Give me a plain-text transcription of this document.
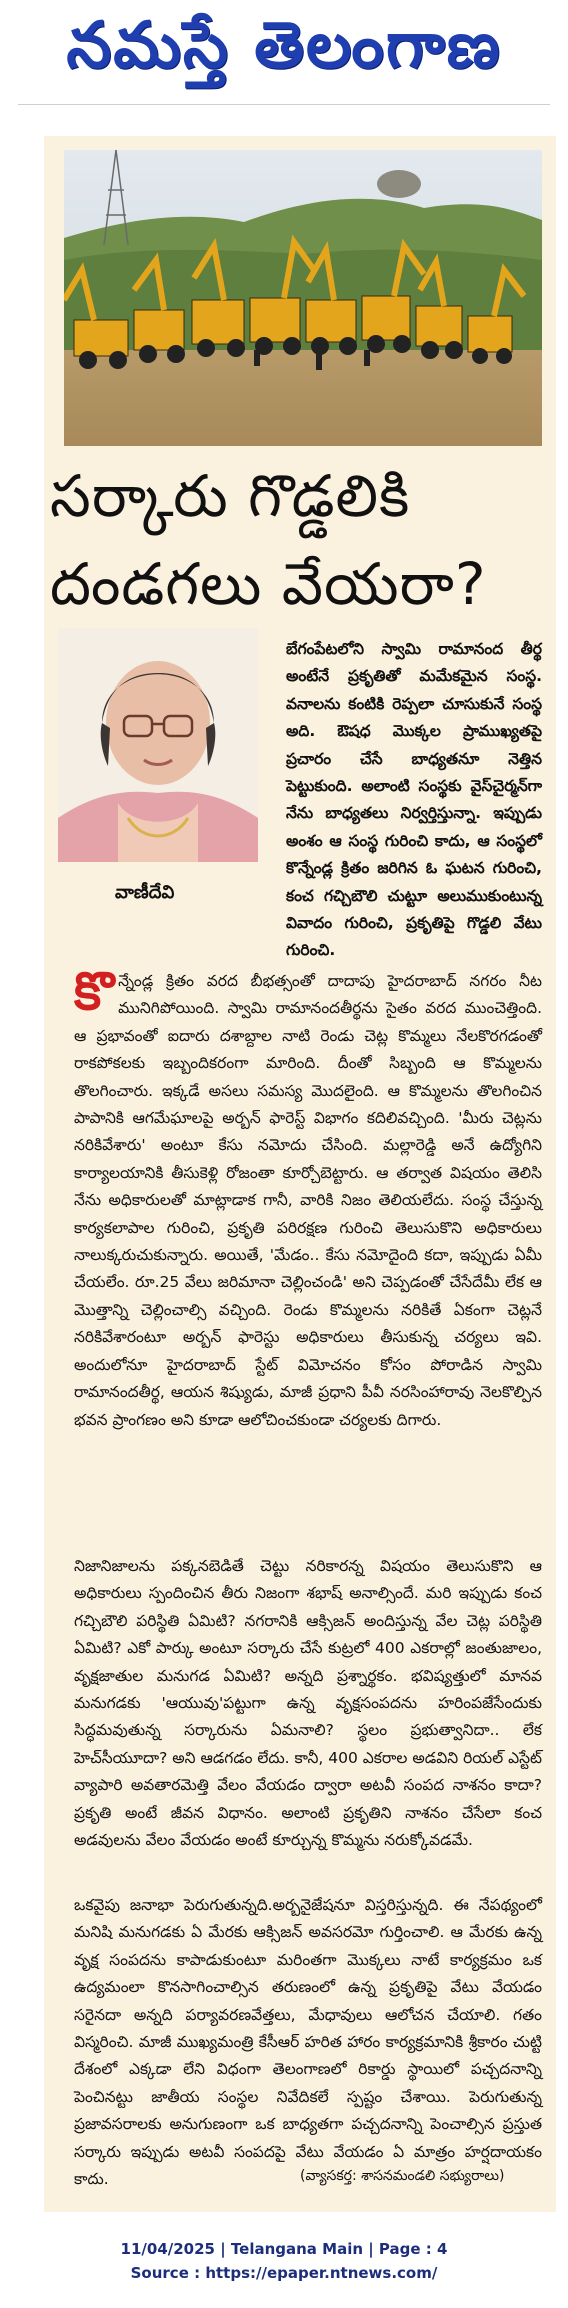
నమస్తే తెలంగాణ
సర్కారు గొడ్డలికి
దండగలు వేయరా?
వాణీదేవి

బేగంపేటలోని స్వామి రామానంద తీర్థ అంటేనే ప్రకృతితో మమేకమైన సంస్థ. వనాలను కంటికి రెప్పలా చూసుకునే సంస్థ అది. ఔషధ మొక్కల ప్రాముఖ్యతపై ప్రచారం చేసే బాధ్యతనూ నెత్తిన పెట్టుకుంది. అలాంటి సంస్థకు వైస్‌చైర్మన్‌గా నేను బాధ్యతలు నిర్వర్తిస్తున్నా. ఇప్పుడు అంశం ఆ సంస్థ గురించి కాదు, ఆ సంస్థలో కొన్నేండ్ల క్రితం జరిగిన ఓ ఘటన గురించి, కంచ గచ్చిబౌలి చుట్టూ అలుముకుంటున్న వివాదం గురించి, ప్రకృతిపై గొడ్డలి వేటు గురించి.

కొన్నేండ్ల క్రితం వరద బీభత్సంతో దాదాపు హైదరాబాద్ నగరం నీట మునిగిపోయింది. స్వామి రామానందతీర్థను సైతం వరద ముంచెత్తింది. ఆ ప్రభావంతో ఐదారు దశాబ్దాల నాటి రెండు చెట్ల కొమ్మలు నేలకొరగడంతో రాకపోకలకు ఇబ్బందికరంగా మారింది. దీంతో సిబ్బంది ఆ కొమ్మలను తొలగించారు. ఇక్కడే అసలు సమస్య మొదలైంది. ఆ కొమ్మలను తొలగించిన పాపానికి ఆగమేఘాలపై అర్బన్ ఫారెస్ట్ విభాగం కదిలివచ్చింది. 'మీరు చెట్లను నరికివేశారు' అంటూ కేసు నమోదు చేసింది. మల్లారెడ్డి అనే ఉద్యోగిని కార్యాలయానికి తీసుకెళ్లి రోజంతా కూర్చోబెట్టారు. ఆ తర్వాత విషయం తెలిసి నేను అధికారులతో మాట్లాడాక గానీ, వారికి నిజం తెలియలేదు. సంస్థ చేస్తున్న కార్యకలాపాల గురించి, ప్రకృతి పరిరక్షణ గురించి తెలుసుకొని అధికారులు నాలుక్కరుచుకున్నారు. అయితే, 'మేడం.. కేసు నమోదైంది కదా, ఇప్పుడు ఏమీ చేయలేం. రూ.25 వేలు జరిమానా చెల్లించండి' అని చెప్పడంతో చేసేదేమీ లేక ఆ మొత్తాన్ని చెల్లించాల్సి వచ్చింది. రెండు కొమ్మలను నరికితే ఏకంగా చెట్లనే నరికివేశారంటూ అర్బన్ ఫారెస్టు అధికారులు తీసుకున్న చర్యలు ఇవి. అందులోనూ హైదరాబాద్ స్టేట్ విమోచనం కోసం పోరాడిన స్వామి రామానందతీర్థ, ఆయన శిష్యుడు, మాజీ ప్రధాని పీవీ నరసింహారావు నెలకొల్పిన భవన ప్రాంగణం అని కూడా ఆలోచించకుండా చర్యలకు దిగారు.

నిజానిజాలను పక్కనబెడితే చెట్టు నరికారన్న విషయం తెలుసుకొని ఆ అధికారులు స్పందించిన తీరు నిజంగా శభాష్ అనాల్సిందే. మరి ఇప్పుడు కంచ గచ్చిబౌలి పరిస్థితి ఏమిటి? నగరానికి ఆక్సిజన్ అందిస్తున్న వేల చెట్ల పరిస్థితి ఏమిటి? ఎకో పార్కు అంటూ సర్కారు చేసే కుట్రలో 400 ఎకరాల్లో జంతుజాలం, వృక్షజాతుల మనుగడ ఏమిటి? అన్నది ప్రశ్నార్థకం. భవిష్యత్తులో మానవ మనుగడకు 'ఆయువు'పట్టుగా ఉన్న వృక్షసంపదను హరింపజేసేందుకు సిద్ధమవుతున్న సర్కారును ఏమనాలి? స్థలం ప్రభుత్వానిదా.. లేక హెచ్‌సీయూదా? అని ఆడగడం లేదు. కానీ, 400 ఎకరాల అడవిని రియల్ ఎస్టేట్ వ్యాపారి అవతారమెత్తి వేలం వేయడం ద్వారా అటవీ సంపద నాశనం కాదా? ప్రకృతి అంటే జీవన విధానం. అలాంటి ప్రకృతిని నాశనం చేసేలా కంచ అడవులను వేలం వేయడం అంటే కూర్చున్న కొమ్మను నరుక్కోవడమే.

ఒకవైపు జనాభా పెరుగుతున్నది.అర్బనైజేషనూ విస్తరిస్తున్నది. ఈ నేపథ్యంలో మనిషి మనుగడకు ఏ మేరకు ఆక్సిజన్ అవసరమో గుర్తించాలి. ఆ మేరకు ఉన్న వృక్ష సంపదను కాపాడుకుంటూ మరింతగా మొక్కలు నాటే కార్యక్రమం ఒక ఉద్యమంలా కొనసాగించాల్సిన తరుణంలో ఉన్న ప్రకృతిపై వేటు వేయడం సరైనదా అన్నది పర్యావరణవేత్తలు, మేధావులు ఆలోచన చేయాలి. గతం విస్మరించి. మాజీ ముఖ్యమంత్రి కేసీఆర్ హరిత హారం కార్యక్రమానికి శ్రీకారం చుట్టి దేశంలో ఎక్కడా లేని విధంగా తెలంగాణలో రికార్డు స్థాయిలో పచ్చదనాన్ని పెంచినట్టు జాతీయ సంస్థల నివేదికలే స్పష్టం చేశాయి. పెరుగుతున్న ప్రజావసరాలకు అనుగుణంగా ఒక బాధ్యతగా పచ్చదనాన్ని పెంచాల్సిన ప్రస్తుత సర్కారు ఇప్పుడు అటవీ సంపదపై వేటు వేయడం ఏ మాత్రం హర్షదాయకం కాదు.	(వ్యాసకర్త: శాసనమండలి సభ్యురాలు)
11/04/2025 | Telangana Main | Page : 4
Source : https://epaper.ntnews.com/
